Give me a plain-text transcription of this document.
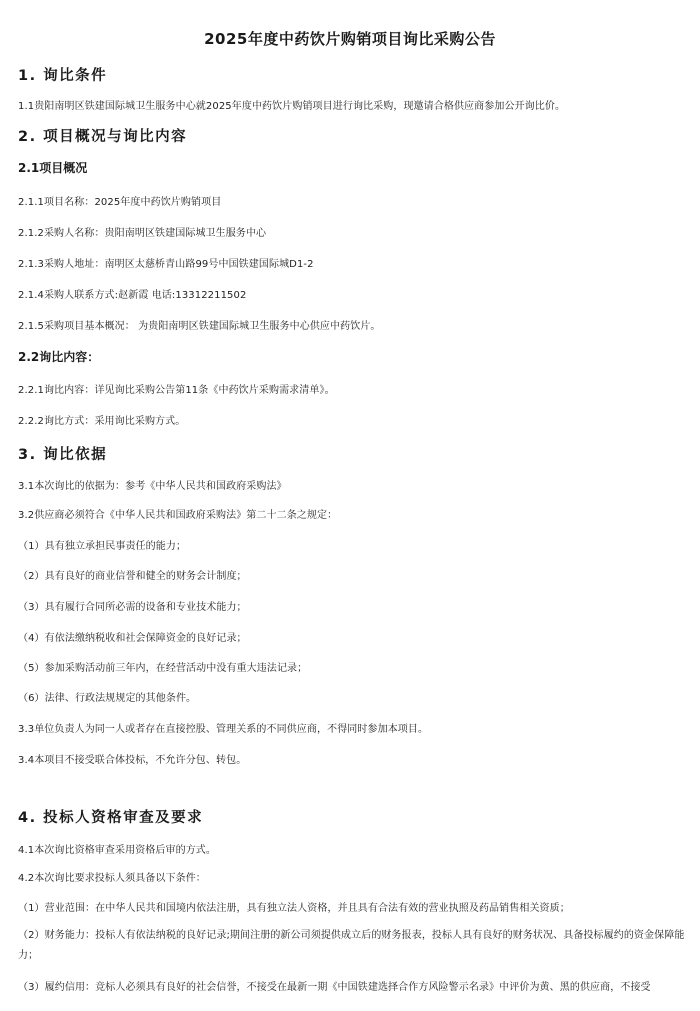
2025年度中药饮片购销项目询比采购公告

1. 询比条件

1.1贵阳南明区铁建国际城卫生服务中心就2025年度中药饮片购销项目进行询比采购，现邀请合格供应商参加公开询比价。

2. 项目概况与询比内容

2.1项目概况

2.1.1项目名称：2025年度中药饮片购销项目

2.1.2采购人名称：贵阳南明区铁建国际城卫生服务中心

2.1.3采购人地址：南明区太慈桥青山路99号中国铁建国际城D1-2

2.1.4采购人联系方式:赵新霞 电话:13312211502

2.1.5采购项目基本概况： 为贵阳南明区铁建国际城卫生服务中心供应中药饮片。

2.2询比内容：

2.2.1询比内容：详见询比采购公告第11条《中药饮片采购需求清单》。

2.2.2询比方式：采用询比采购方式。

3. 询比依据

3.1本次询比的依据为：参考《中华人民共和国政府采购法》

3.2供应商必须符合《中华人民共和国政府采购法》第二十二条之规定：

（1）具有独立承担民事责任的能力；

（2）具有良好的商业信誉和健全的财务会计制度；

（3）具有履行合同所必需的设备和专业技术能力；

（4）有依法缴纳税收和社会保障资金的良好记录；

（5）参加采购活动前三年内，在经营活动中没有重大违法记录；

（6）法律、行政法规规定的其他条件。

3.3单位负责人为同一人或者存在直接控股、管理关系的不同供应商，不得同时参加本项目。

3.4本项目不接受联合体投标，不允许分包、转包。

4. 投标人资格审查及要求

4.1本次询比资格审查采用资格后审的方式。

4.2本次询比要求投标人须具备以下条件：

（1）营业范围：在中华人民共和国境内依法注册，具有独立法人资格，并且具有合法有效的营业执照及药品销售相关资质；

（2）财务能力：投标人有依法纳税的良好记录;期间注册的新公司须提供成立后的财务报表，投标人具有良好的财务状况、具备投标履约的资金保障能力；

（3）履约信用：竞标人必须具有良好的社会信誉，不接受在最新一期《中国铁建选择合作方风险警示名录》中评价为黄、黑的供应商，不接受
